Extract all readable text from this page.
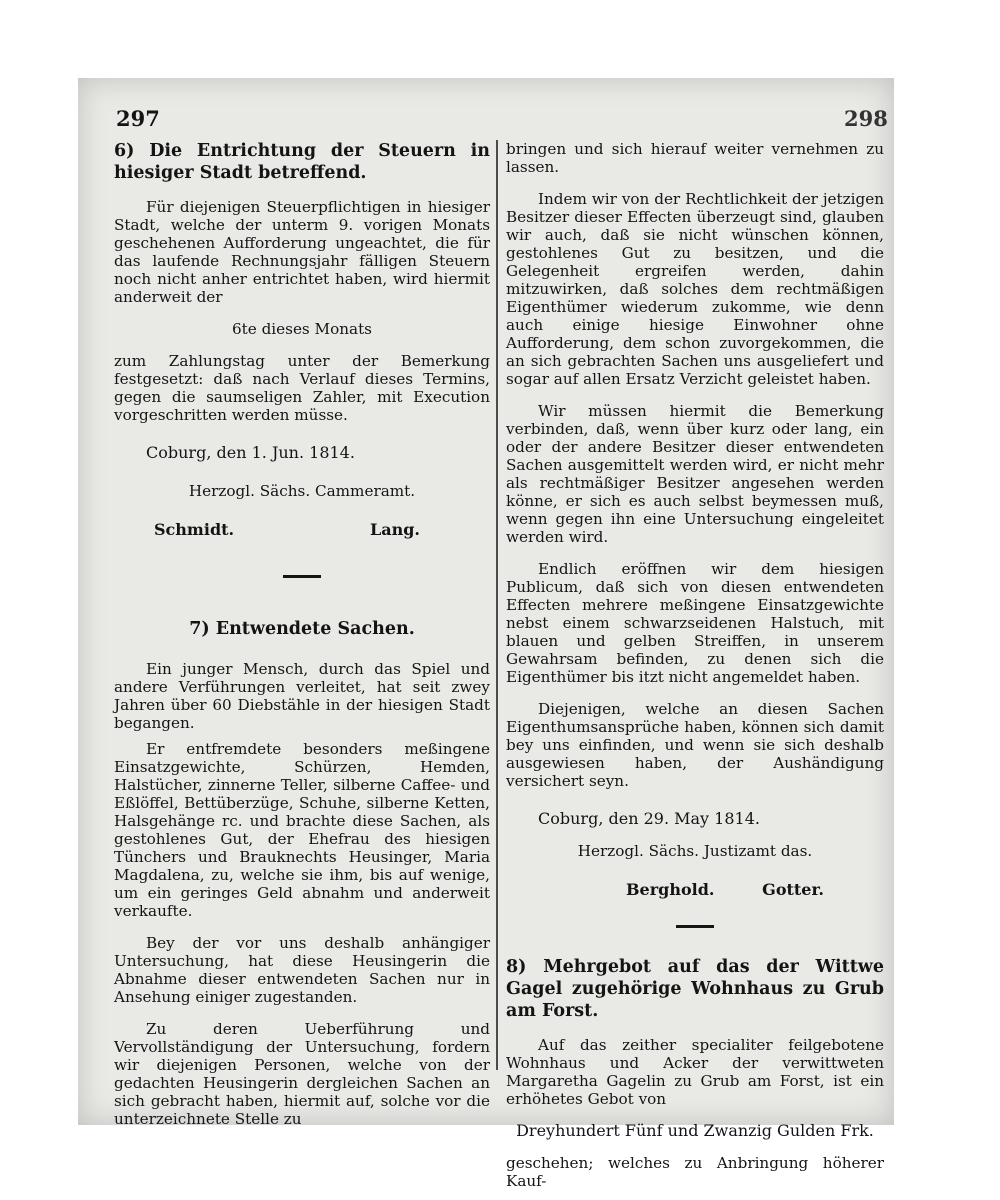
297	298

6) Die Entrichtung der Steuern in hiesiger Stadt betreffend.

Für diejenigen Steuerpflichtigen in hiesiger Stadt, welche der unterm 9. vorigen Monats geschehenen Aufforderung ungeachtet, die für das laufende Rechnungsjahr fälligen Steuern noch nicht anher entrichtet haben, wird hiermit anderweit der

6te dieses Monats

zum Zahlungstag unter der Bemerkung festgesetzt: daß nach Verlauf dieses Termins, gegen die saumseligen Zahler, mit Execution vorgeschritten werden müsse.

Coburg, den 1. Jun. 1814.

Herzogl. Sächs. Cammeramt.

Schmidt.	Lang.

7) Entwendete Sachen.

Ein junger Mensch, durch das Spiel und andere Verführungen verleitet, hat seit zwey Jahren über 60 Diebstähle in der hiesigen Stadt begangen.

Er entfremdete besonders meßingene Einsatzgewichte, Schürzen, Hemden, Halstücher, zinnerne Teller, silberne Caffee- und Eßlöffel, Bettüberzüge, Schuhe, silberne Ketten, Halsgehänge rc. und brachte diese Sachen, als gestohlenes Gut, der Ehefrau des hiesigen Tünchers und Brauknechts Heusinger, Maria Magdalena, zu, welche sie ihm, bis auf wenige, um ein geringes Geld abnahm und anderweit verkaufte.

Bey der vor uns deshalb anhängiger Untersuchung, hat diese Heusingerin die Abnahme dieser entwendeten Sachen nur in Ansehung einiger zugestanden.

Zu deren Ueberführung und Vervollständigung der Untersuchung, fordern wir diejenigen Personen, welche von der gedachten Heusingerin dergleichen Sachen an sich gebracht haben, hiermit auf, solche vor die unterzeichnete Stelle zu

bringen und sich hierauf weiter vernehmen zu lassen.

Indem wir von der Rechtlichkeit der jetzigen Besitzer dieser Effecten überzeugt sind, glauben wir auch, daß sie nicht wünschen können, gestohlenes Gut zu besitzen, und die Gelegenheit ergreifen werden, dahin mitzuwirken, daß solches dem rechtmäßigen Eigenthümer wiederum zukomme, wie denn auch einige hiesige Einwohner ohne Aufforderung, dem schon zuvorgekommen, die an sich gebrachten Sachen uns ausgeliefert und sogar auf allen Ersatz Verzicht geleistet haben.

Wir müssen hiermit die Bemerkung verbinden, daß, wenn über kurz oder lang, ein oder der andere Besitzer dieser entwendeten Sachen ausgemittelt werden wird, er nicht mehr als rechtmäßiger Besitzer angesehen werden könne, er sich es auch selbst beymessen muß, wenn gegen ihn eine Untersuchung eingeleitet werden wird.

Endlich eröffnen wir dem hiesigen Publicum, daß sich von diesen entwendeten Effecten mehrere meßingene Einsatzgewichte nebst einem schwarzseidenen Halstuch, mit blauen und gelben Streiffen, in unserem Gewahrsam befinden, zu denen sich die Eigenthümer bis itzt nicht angemeldet haben.

Diejenigen, welche an diesen Sachen Eigenthumsansprüche haben, können sich damit bey uns einfinden, und wenn sie sich deshalb ausgewiesen haben, der Aushändigung versichert seyn.

Coburg, den 29. May 1814.

Herzogl. Sächs. Justizamt das.

Berghold.	Gotter.

8) Mehrgebot auf das der Wittwe Gagel zugehörige Wohnhaus zu Grub am Forst.

Auf das zeither specialiter feilgebotene Wohnhaus und Acker der verwittweten Margaretha Gagelin zu Grub am Forst, ist ein erhöhetes Gebot von

Dreyhundert Fünf und Zwanzig Gulden Frk.

geschehen; welches zu Anbringung höherer Kauf-
